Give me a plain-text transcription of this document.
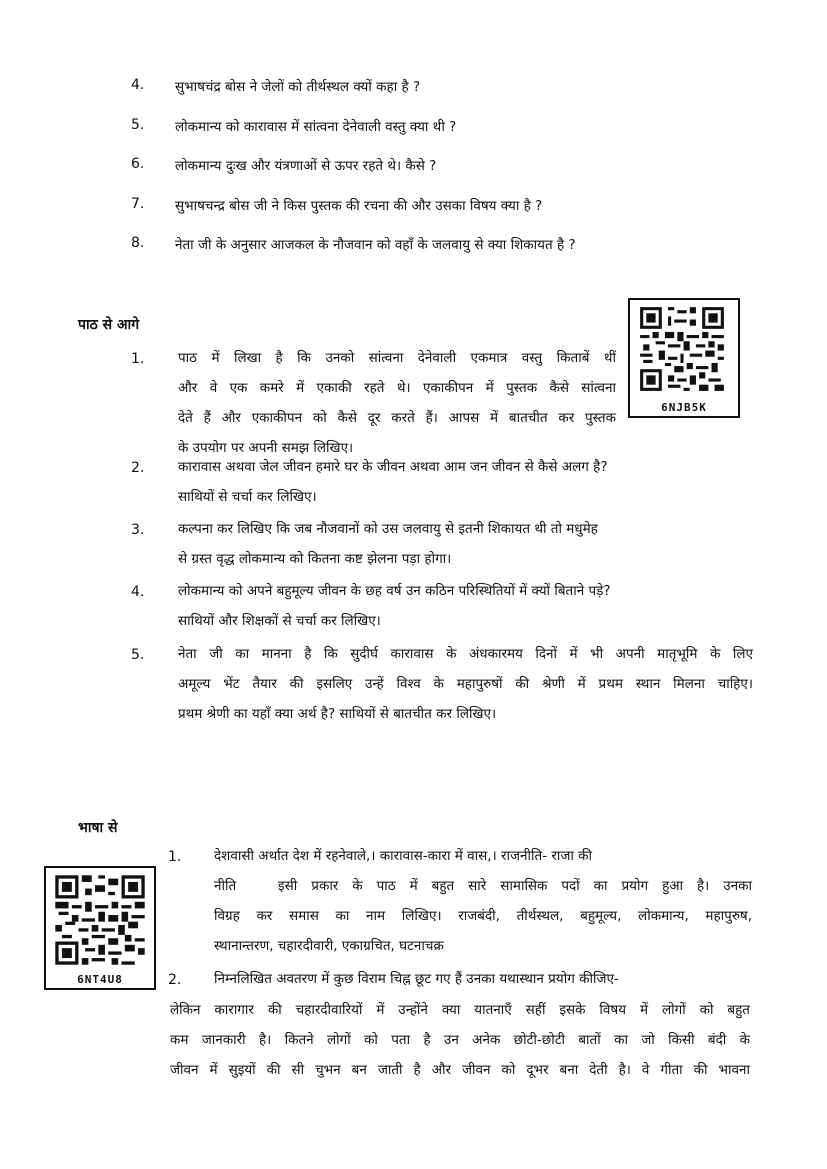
4. सुभाषचंद्र बोस ने जेलों को तीर्थस्थल क्यों कहा है ?
5. लोकमान्य को कारावास में सांत्वना देनेवाली वस्तु क्या थी ?
6. लोकमान्य दुःख और यंत्रणाओं से ऊपर रहते थे। कैसे ?
7. सुभाषचन्द्र बोस जी ने किस पुस्तक की रचना की और उसका विषय क्या है ?
8. नेता जी के अनुसार आजकल के नौजवान को वहाँ के जलवायु से क्या शिकायत है ?
पाठ से आगे
6NJB5K
1. पाठ में लिखा है कि उनको सांत्वना देनेवाली एकमात्र वस्तु किताबें थीं
और वे एक कमरे में एकाकी रहते थे। एकाकीपन में पुस्तक कैसे सांत्वना
देते हैं और एकाकीपन को कैसे दूर करते हैं। आपस में बातचीत कर पुस्तक
के उपयोग पर अपनी समझ लिखिए।
2. कारावास अथवा जेल जीवन हमारे घर के जीवन अथवा आम जन जीवन से कैसे अलग है?
साथियों से चर्चा कर लिखिए।
3. कल्पना कर लिखिए कि जब नौजवानों को उस जलवायु से इतनी शिकायत थी तो मधुमेह
से ग्रस्त वृद्ध लोकमान्य को कितना कष्ट झेलना पड़ा होगा।
4. लोकमान्य को अपने बहुमूल्य जीवन के छह वर्ष उन कठिन परिस्थितियों में क्यों बिताने पड़े?
साथियों और शिक्षकों से चर्चा कर लिखिए।
5. नेता जी का मानना है कि सुदीर्घ कारावास के अंधकारमय दिनों में भी अपनी मातृभूमि के लिए
अमूल्य भेंट तैयार की इसलिए उन्हें विश्व के महापुरुषों की श्रेणी में प्रथम स्थान मिलना चाहिए।
प्रथम श्रेणी का यहाँ क्या अर्थ है? साथियों से बातचीत कर लिखिए।
भाषा से
6NT4U8
1. देशवासी अर्थात देश में रहनेवाले,। कारावास-कारा में वास,। राजनीति- राजा की
नीति   इसी प्रकार के पाठ में बहुत सारे सामासिक पदों का प्रयोग हुआ है। उनका
विग्रह कर समास का नाम लिखिए। राजबंदी, तीर्थस्थल, बहुमूल्य, लोकमान्य, महापुरुष,
स्थानान्तरण, चहारदीवारी, एकाग्रचित, घटनाचक्र
2. निम्नलिखित अवतरण में कुछ विराम चिह्न छूट गए हैं उनका यथास्थान प्रयोग कीजिए-
लेकिन कारागार की चहारदीवारियों में उन्होंने क्या यातनाएँ सहीं इसके विषय में लोगों को बहुत
कम जानकारी है। कितने लोगों को पता है उन अनेक छोटी-छोटी बातों का जो किसी बंदी के
जीवन में सुइयों की सी चुभन बन जाती है और जीवन को दूभर बना देती है। वे गीता की भावना
